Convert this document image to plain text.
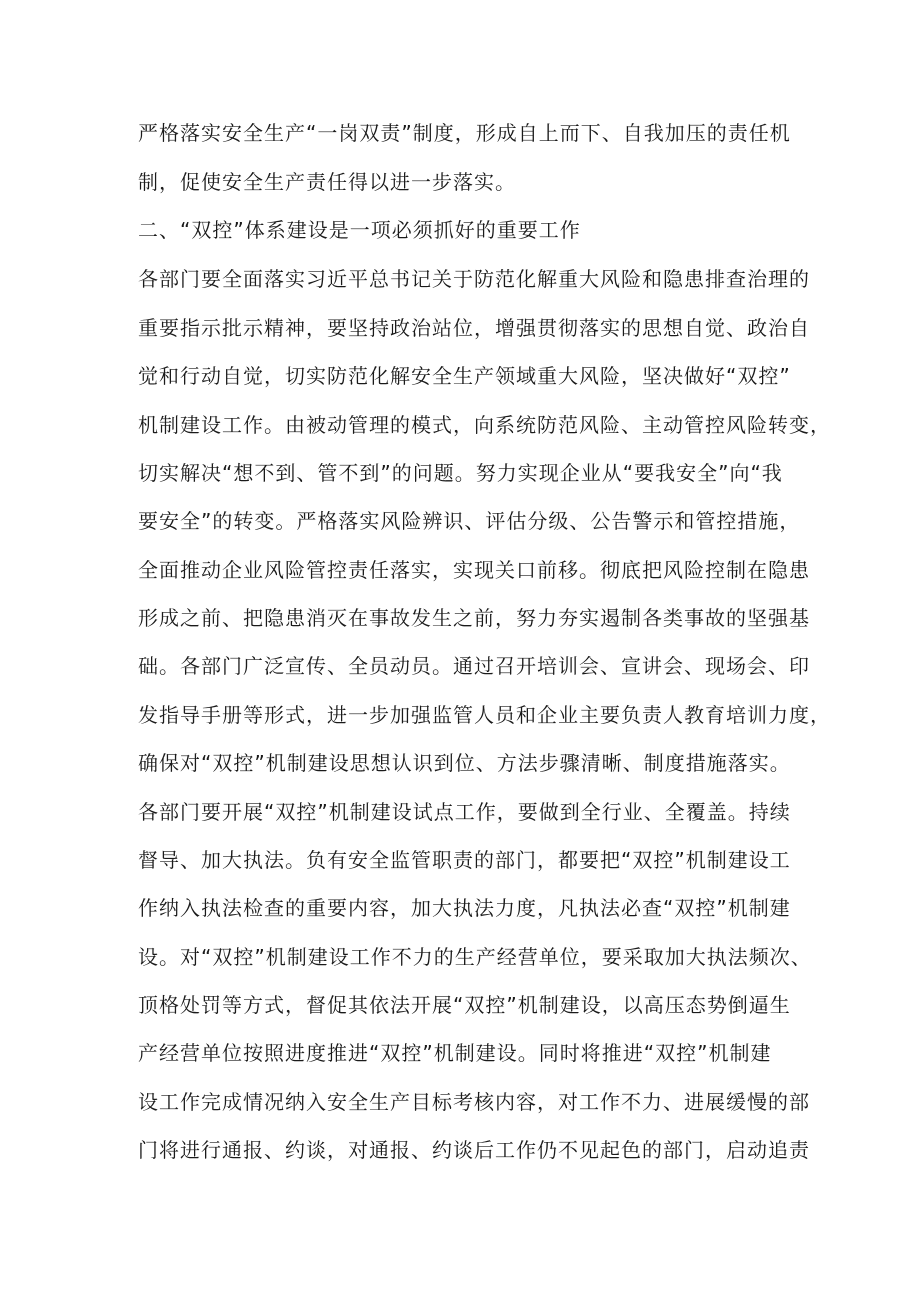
严格落实安全生产“一岗双责”制度，形成自上而下、自我加压的责任机
制，促使安全生产责任得以进一步落实。
二、“双控”体系建设是一项必须抓好的重要工作
各部门要全面落实习近平总书记关于防范化解重大风险和隐患排查治理的
重要指示批示精神，要坚持政治站位，增强贯彻落实的思想自觉、政治自
觉和行动自觉，切实防范化解安全生产领域重大风险，坚决做好“双控”
机制建设工作。由被动管理的模式，向系统防范风险、主动管控风险转变，
切实解决“想不到、管不到”的问题。努力实现企业从“要我安全”向“我
要安全”的转变。严格落实风险辨识、评估分级、公告警示和管控措施，
全面推动企业风险管控责任落实，实现关口前移。彻底把风险控制在隐患
形成之前、把隐患消灭在事故发生之前，努力夯实遏制各类事故的坚强基
础。各部门广泛宣传、全员动员。通过召开培训会、宣讲会、现场会、印
发指导手册等形式，进一步加强监管人员和企业主要负责人教育培训力度，
确保对“双控”机制建设思想认识到位、方法步骤清晰、制度措施落实。
各部门要开展“双控”机制建设试点工作，要做到全行业、全覆盖。持续
督导、加大执法。负有安全监管职责的部门，都要把“双控”机制建设工
作纳入执法检查的重要内容，加大执法力度，凡执法必查“双控”机制建
设。对“双控”机制建设工作不力的生产经营单位，要采取加大执法频次、
顶格处罚等方式，督促其依法开展“双控”机制建设，以高压态势倒逼生
产经营单位按照进度推进“双控”机制建设。同时将推进“双控”机制建
设工作完成情况纳入安全生产目标考核内容，对工作不力、进展缓慢的部
门将进行通报、约谈，对通报、约谈后工作仍不见起色的部门，启动追责
